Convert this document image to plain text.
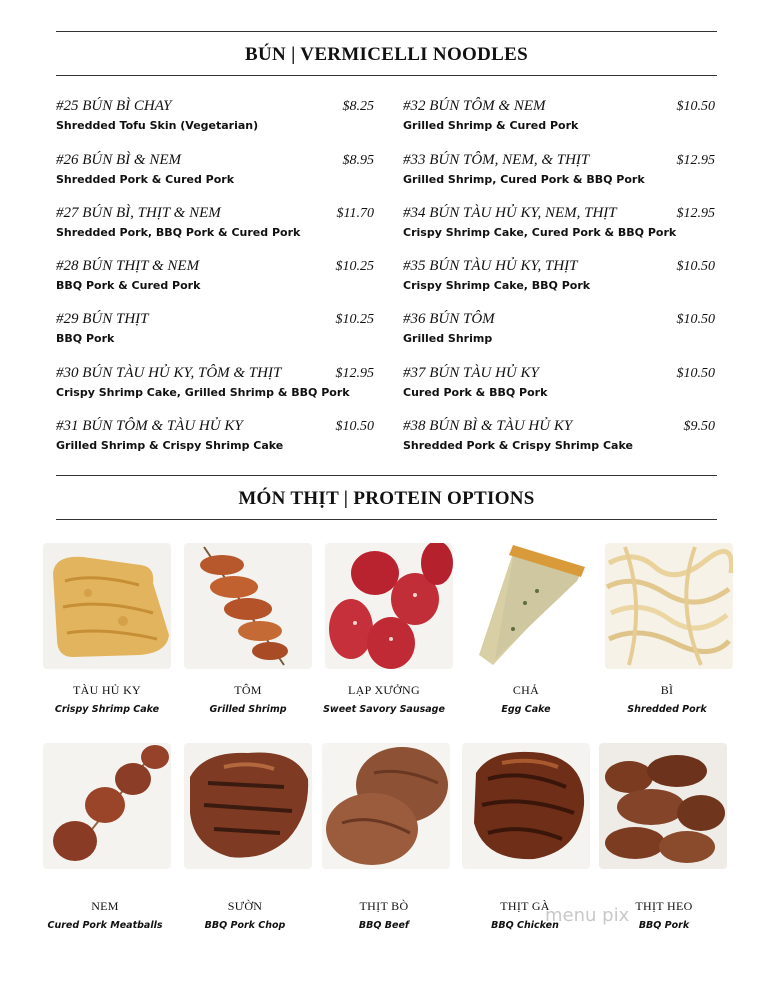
BÚN | VERMICELLI NOODLES
#25 BÚN BÌ CHAY	$8.25
Shredded Tofu Skin (Vegetarian)
#26 BÚN BÌ & NEM	$8.95
Shredded Pork & Cured Pork
#27 BÚN BÌ, THỊT & NEM	$11.70
Shredded Pork, BBQ Pork & Cured Pork
#28 BÚN THỊT & NEM	$10.25
BBQ Pork & Cured Pork
#29 BÚN THỊT	$10.25
BBQ Pork
#30 BÚN TÀU HỦ KY, TÔM & THỊT	$12.95
Crispy Shrimp Cake, Grilled Shrimp & BBQ Pork
#31 BÚN TÔM & TÀU HỦ KY	$10.50
Grilled Shrimp & Crispy Shrimp Cake
#32 BÚN TÔM & NEM	$10.50
Grilled Shrimp & Cured Pork
#33 BÚN TÔM, NEM, & THỊT	$12.95
Grilled Shrimp, Cured Pork & BBQ Pork
#34 BÚN TÀU HỦ KY, NEM, THỊT	$12.95
Crispy Shrimp Cake, Cured Pork & BBQ Pork
#35 BÚN TÀU HỦ KY, THỊT	$10.50
Crispy Shrimp Cake, BBQ Pork
#36 BÚN TÔM	$10.50
Grilled Shrimp
#37 BÚN TÀU HỦ KY	$10.50
Cured Pork & BBQ Pork
#38 BÚN BÌ & TÀU HỦ KY	$9.50
Shredded Pork & Crispy Shrimp Cake
MÓN THỊT | PROTEIN OPTIONS
TÀU HỦ KY
Crispy Shrimp Cake
TÔM
Grilled Shrimp
LẠP XƯỞNG
Sweet Savory Sausage
CHẢ
Egg Cake
BÌ
Shredded Pork
NEM
Cured Pork Meatballs
SƯỜN
BBQ Pork Chop
THỊT BÒ
BBQ Beef
THỊT GÀ
BBQ Chicken
THỊT HEO
BBQ Pork
menu pix
